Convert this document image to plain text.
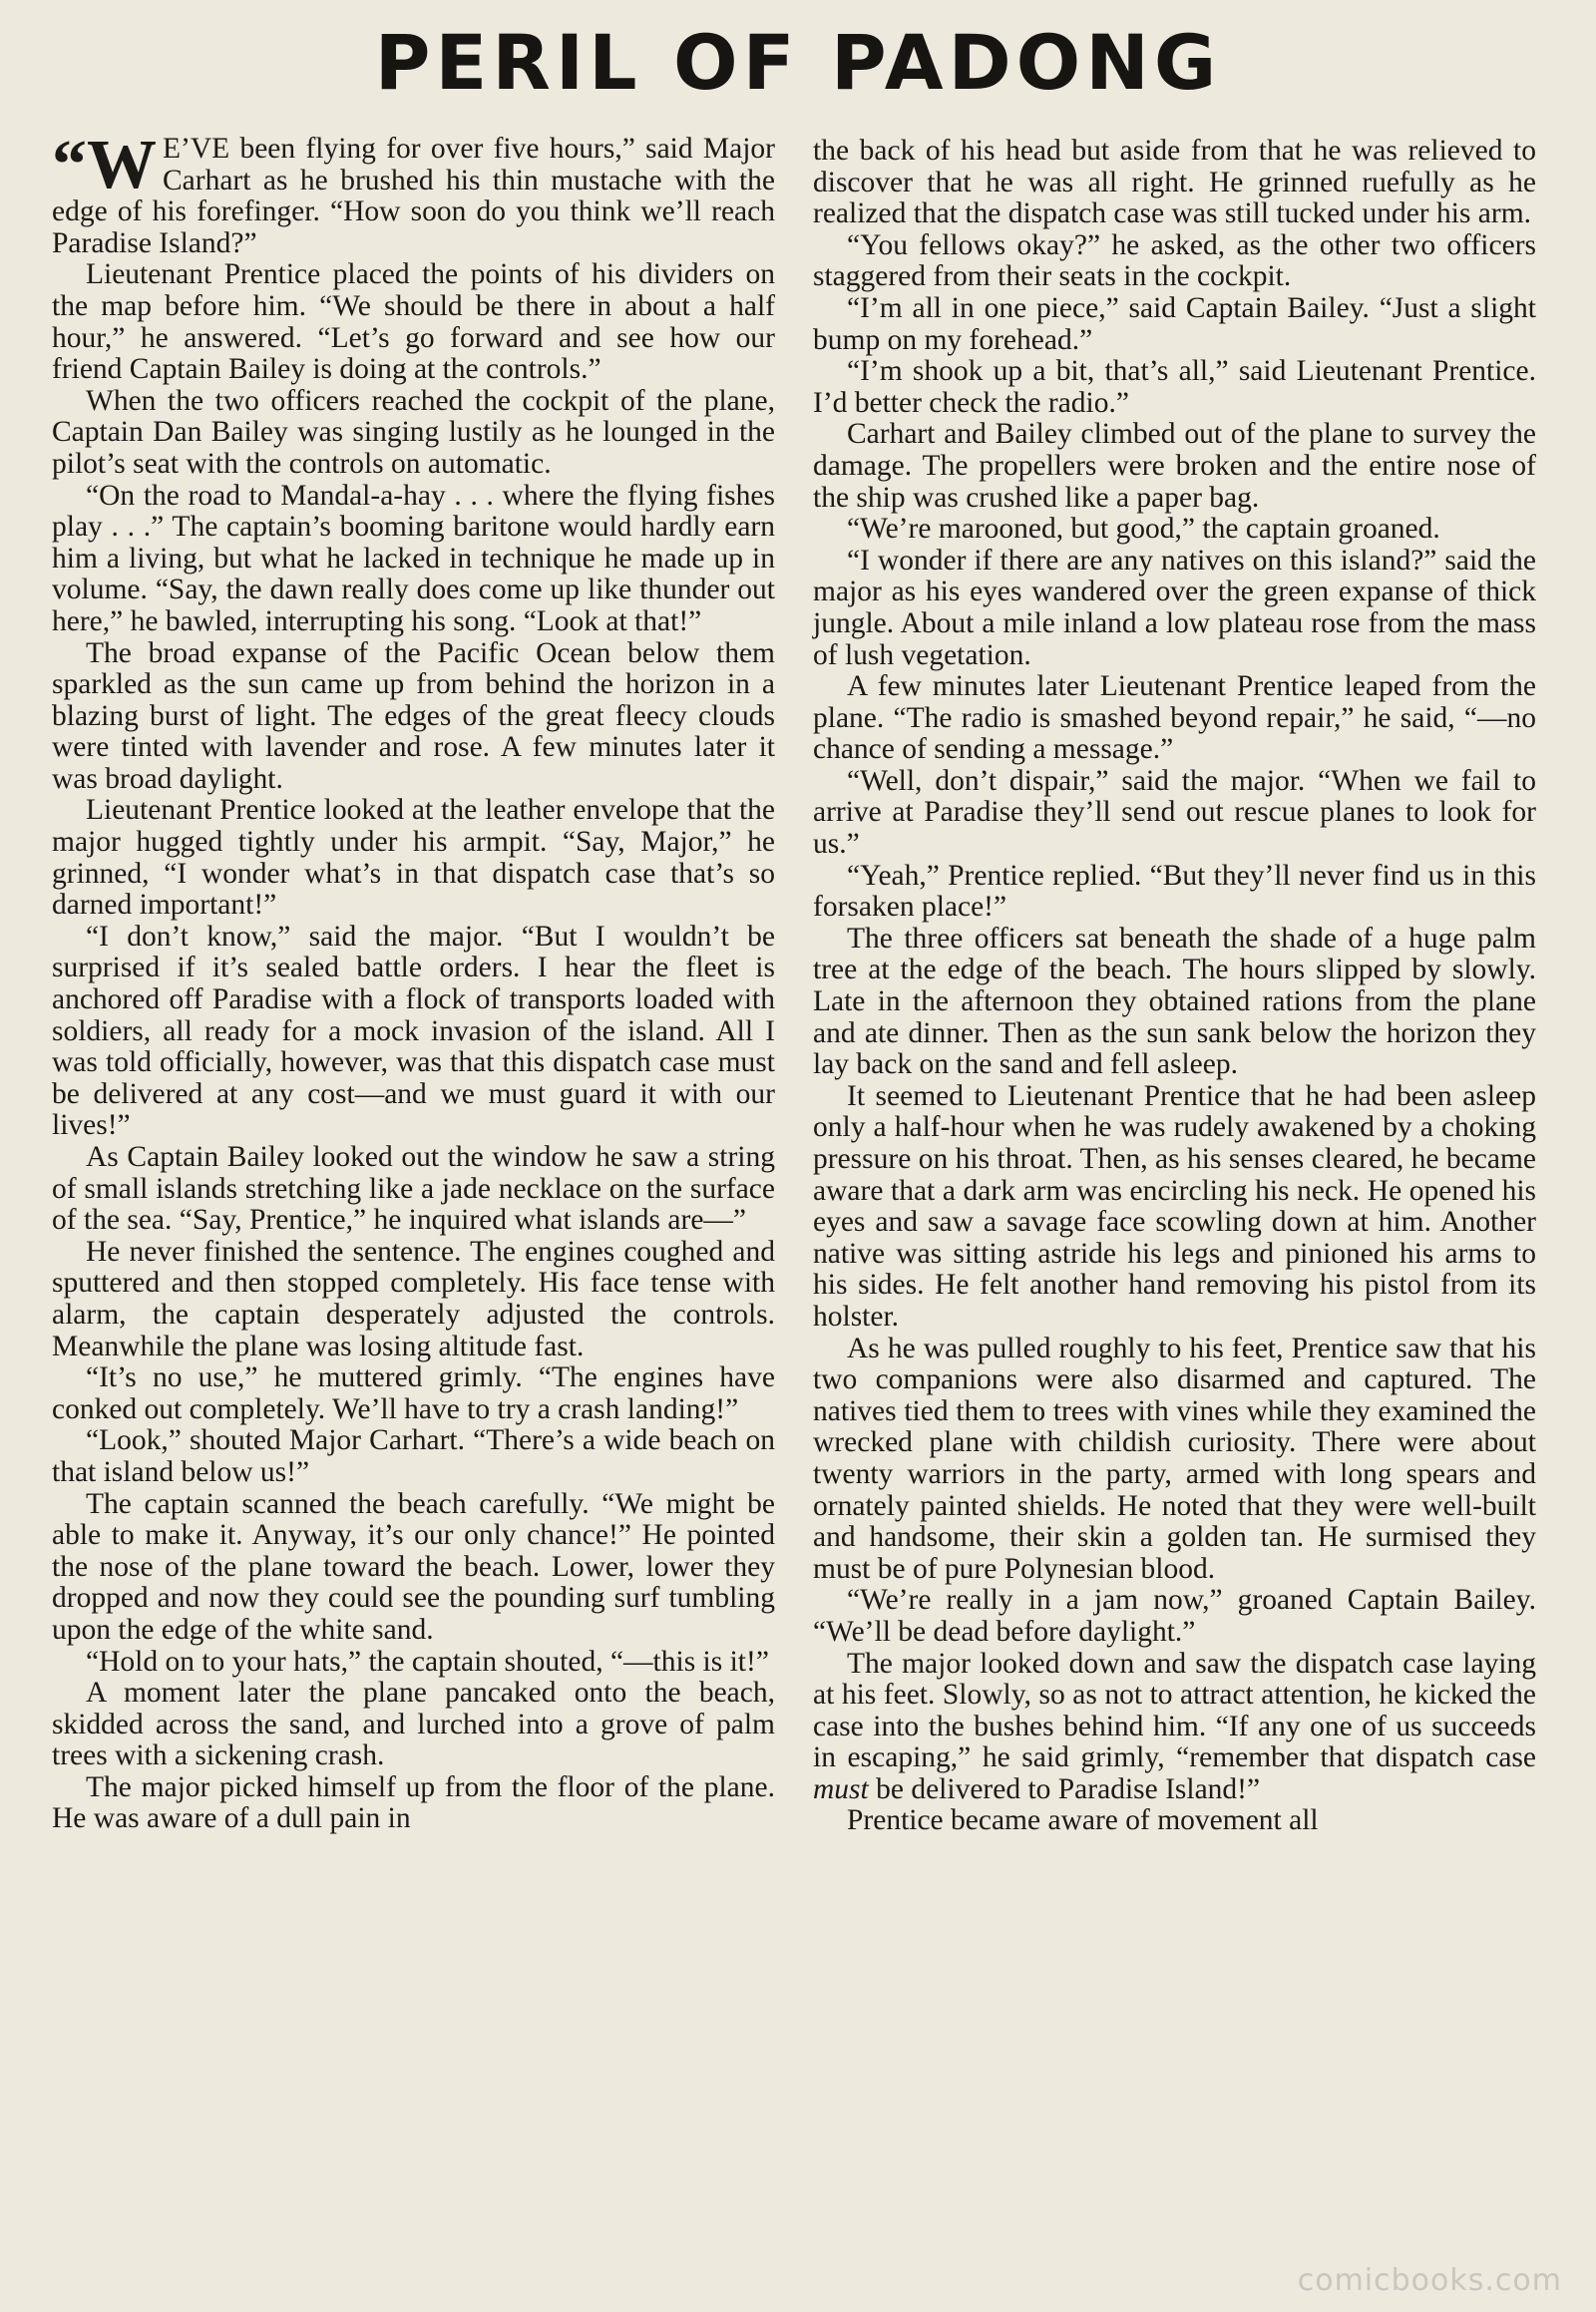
PERIL OF PADONG

“W E’VE been flying for over five hours,” said Major Carhart as he brushed his thin mustache with the edge of his forefinger. “How soon do you think we’ll reach Paradise Island?”

Lieutenant Prentice placed the points of his dividers on the map before him. “We should be there in about a half hour,” he answered. “Let’s go forward and see how our friend Captain Bailey is doing at the controls.”

When the two officers reached the cockpit of the plane, Captain Dan Bailey was singing lustily as he lounged in the pilot’s seat with the controls on automatic.

“On the road to Mandal-a-hay . . . where the flying fishes play . . .” The captain’s booming baritone would hardly earn him a living, but what he lacked in technique he made up in volume. “Say, the dawn really does come up like thunder out here,” he bawled, interrupting his song. “Look at that!”

The broad expanse of the Pacific Ocean below them sparkled as the sun came up from behind the horizon in a blazing burst of light. The edges of the great fleecy clouds were tinted with lavender and rose. A few minutes later it was broad daylight.

Lieutenant Prentice looked at the leather envelope that the major hugged tightly under his armpit. “Say, Major,” he grinned, “I wonder what’s in that dispatch case that’s so darned important!”

“I don’t know,” said the major. “But I wouldn’t be surprised if it’s sealed battle orders. I hear the fleet is anchored off Paradise with a flock of transports loaded with soldiers, all ready for a mock invasion of the island. All I was told officially, however, was that this dispatch case must be delivered at any cost—and we must guard it with our lives!”

As Captain Bailey looked out the window he saw a string of small islands stretching like a jade necklace on the surface of the sea. “Say, Prentice,” he inquired what islands are—”

He never finished the sentence. The engines coughed and sputtered and then stopped completely. His face tense with alarm, the captain desperately adjusted the controls. Meanwhile the plane was losing altitude fast.

“It’s no use,” he muttered grimly. “The engines have conked out completely. We’ll have to try a crash landing!”

“Look,” shouted Major Carhart. “There’s a wide beach on that island below us!”

The captain scanned the beach carefully. “We might be able to make it. Anyway, it’s our only chance!” He pointed the nose of the plane toward the beach. Lower, lower they dropped and now they could see the pounding surf tumbling upon the edge of the white sand.

“Hold on to your hats,” the captain shouted, “—this is it!”

A moment later the plane pancaked onto the beach, skidded across the sand, and lurched into a grove of palm trees with a sickening crash.

The major picked himself up from the floor of the plane. He was aware of a dull pain in

the back of his head but aside from that he was relieved to discover that he was all right. He grinned ruefully as he realized that the dispatch case was still tucked under his arm.

“You fellows okay?” he asked, as the other two officers staggered from their seats in the cockpit.

“I’m all in one piece,” said Captain Bailey. “Just a slight bump on my forehead.”

“I’m shook up a bit, that’s all,” said Lieutenant Prentice. I’d better check the radio.”

Carhart and Bailey climbed out of the plane to survey the damage. The propellers were broken and the entire nose of the ship was crushed like a paper bag.

“We’re marooned, but good,” the captain groaned.

“I wonder if there are any natives on this island?” said the major as his eyes wandered over the green expanse of thick jungle. About a mile inland a low plateau rose from the mass of lush vegetation.

A few minutes later Lieutenant Prentice leaped from the plane. “The radio is smashed beyond repair,” he said, “—no chance of sending a message.”

“Well, don’t dispair,” said the major. “When we fail to arrive at Paradise they’ll send out rescue planes to look for us.”

“Yeah,” Prentice replied. “But they’ll never find us in this forsaken place!”

The three officers sat beneath the shade of a huge palm tree at the edge of the beach. The hours slipped by slowly. Late in the afternoon they obtained rations from the plane and ate dinner. Then as the sun sank below the horizon they lay back on the sand and fell asleep.

It seemed to Lieutenant Prentice that he had been asleep only a half-hour when he was rudely awakened by a choking pressure on his throat. Then, as his senses cleared, he became aware that a dark arm was encircling his neck. He opened his eyes and saw a savage face scowling down at him. Another native was sitting astride his legs and pinioned his arms to his sides. He felt another hand removing his pistol from its holster.

As he was pulled roughly to his feet, Prentice saw that his two companions were also disarmed and captured. The natives tied them to trees with vines while they examined the wrecked plane with childish curiosity. There were about twenty warriors in the party, armed with long spears and ornately painted shields. He noted that they were well-built and handsome, their skin a golden tan. He surmised they must be of pure Polynesian blood.

“We’re really in a jam now,” groaned Captain Bailey. “We’ll be dead before daylight.”

The major looked down and saw the dispatch case laying at his feet. Slowly, so as not to attract attention, he kicked the case into the bushes behind him. “If any one of us succeeds in escaping,” he said grimly, “remember that dispatch case must be delivered to Paradise Island!”

Prentice became aware of movement all

comicbooks.com
